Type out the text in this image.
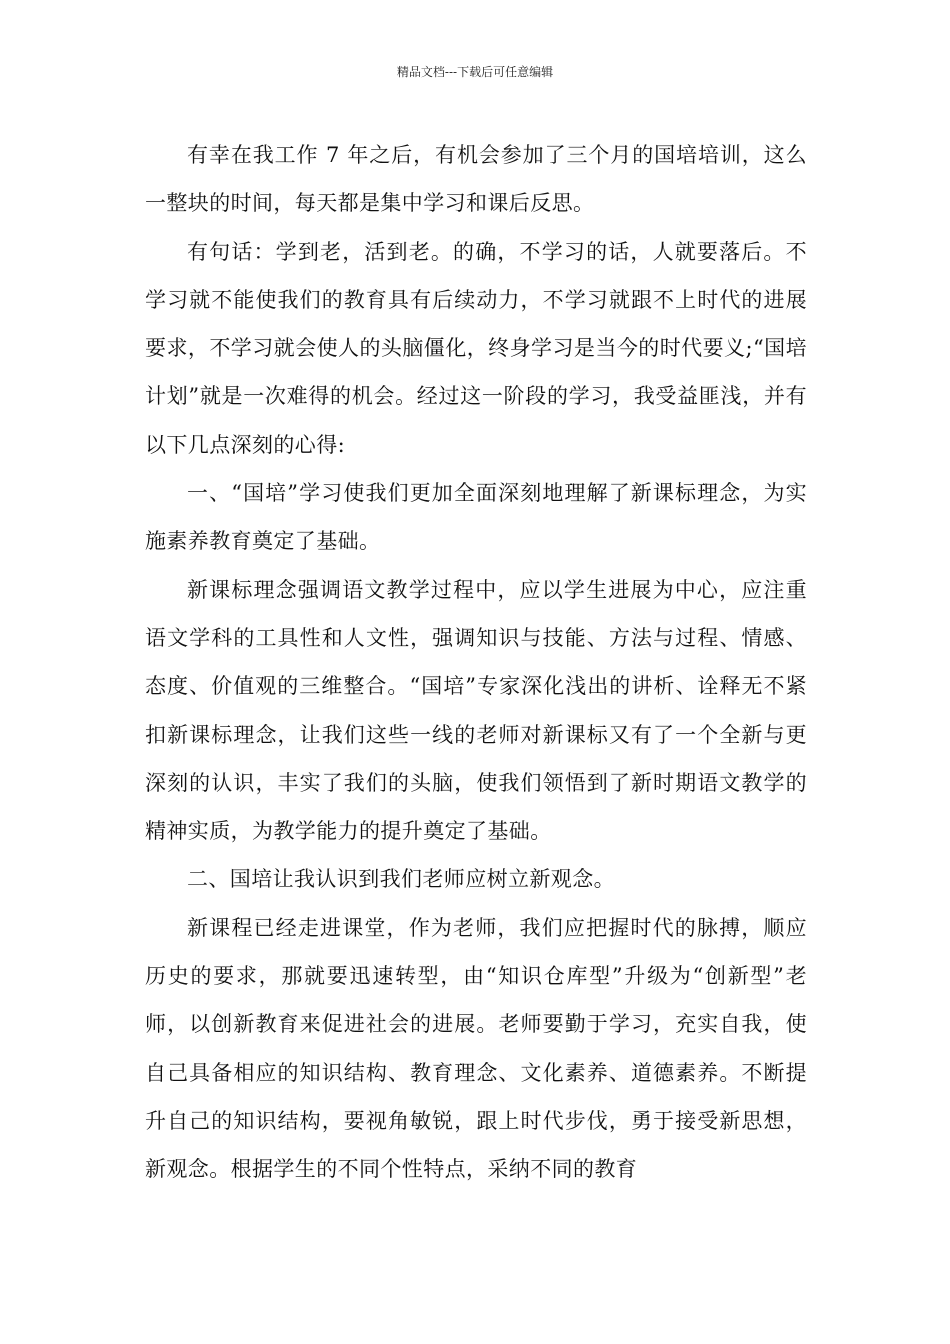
精品文档---下载后可任意编辑

有幸在我工作 7 年之后，有机会参加了三个月的国培培训，这么一整块的时间，每天都是集中学习和课后反思。

有句话：学到老，活到老。的确，不学习的话，人就要落后。不学习就不能使我们的教育具有后续动力，不学习就跟不上时代的进展要求，不学习就会使人的头脑僵化，终身学习是当今的时代要义;“国培计划”就是一次难得的机会。经过这一阶段的学习，我受益匪浅，并有以下几点深刻的心得:

一、“国培”学习使我们更加全面深刻地理解了新课标理念，为实施素养教育奠定了基础。

新课标理念强调语文教学过程中，应以学生进展为中心，应注重语文学科的工具性和人文性，强调知识与技能、方法与过程、情感、态度、价值观的三维整合。“国培”专家深化浅出的讲析、诠释无不紧扣新课标理念，让我们这些一线的老师对新课标又有了一个全新与更深刻的认识，丰实了我们的头脑，使我们领悟到了新时期语文教学的精神实质，为教学能力的提升奠定了基础。

二、国培让我认识到我们老师应树立新观念。

新课程已经走进课堂，作为老师，我们应把握时代的脉搏，顺应历史的要求，那就要迅速转型，由“知识仓库型”升级为“创新型”老师，以创新教育来促进社会的进展。老师要勤于学习，充实自我，使自己具备相应的知识结构、教育理念、文化素养、道德素养。不断提升自己的知识结构，要视角敏锐，跟上时代步伐，勇于接受新思想，新观念。根据学生的不同个性特点，采纳不同的教育
